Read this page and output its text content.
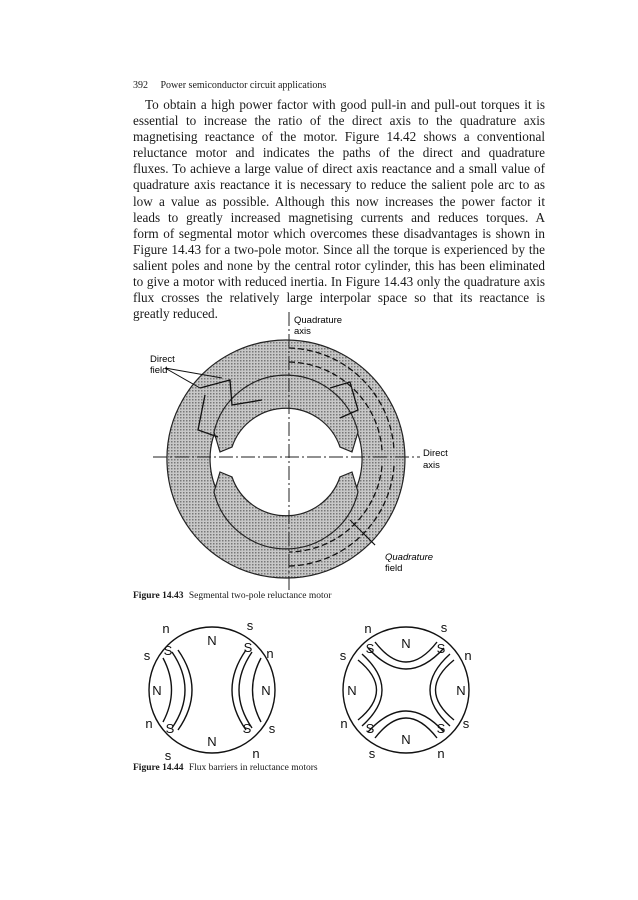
392 Power semiconductor circuit applications
To obtain a high power factor with good pull-in and pull-out torques it is
essential to increase the ratio of the direct axis to the quadrature axis
magnetising reactance of the motor. Figure 14.42 shows a conventional
reluctance motor and indicates the paths of the direct and quadrature
fluxes. To achieve a large value of direct axis reactance and a small value of
quadrature axis reactance it is necessary to reduce the salient pole arc to as
low a value as possible. Although this now increases the power factor it
leads to greatly increased magnetising currents and reduces torques. A
form of segmental motor which overcomes these disadvantages is shown in
Figure 14.43 for a two-pole motor. Since all the torque is experienced by the
salient poles and none by the central rotor cylinder, this has been eliminated
to give a motor with reduced inertia. In Figure 14.43 only the quadrature axis
flux crosses the relatively large interpolar space so that its reactance is
greatly reduced.	Quadrature
axis
Direct
field
Direct
axis
Quadrature
field
N
N
N	N
S	S
S	S
n	s
s	n
n	s
s	n
N
N
N	N
S	S
S	S
n	s
s	n
n	s
s	n
Figure 14.43 Segmental two-pole reluctance motor
Figure 14.44 Flux barriers in reluctance motors
